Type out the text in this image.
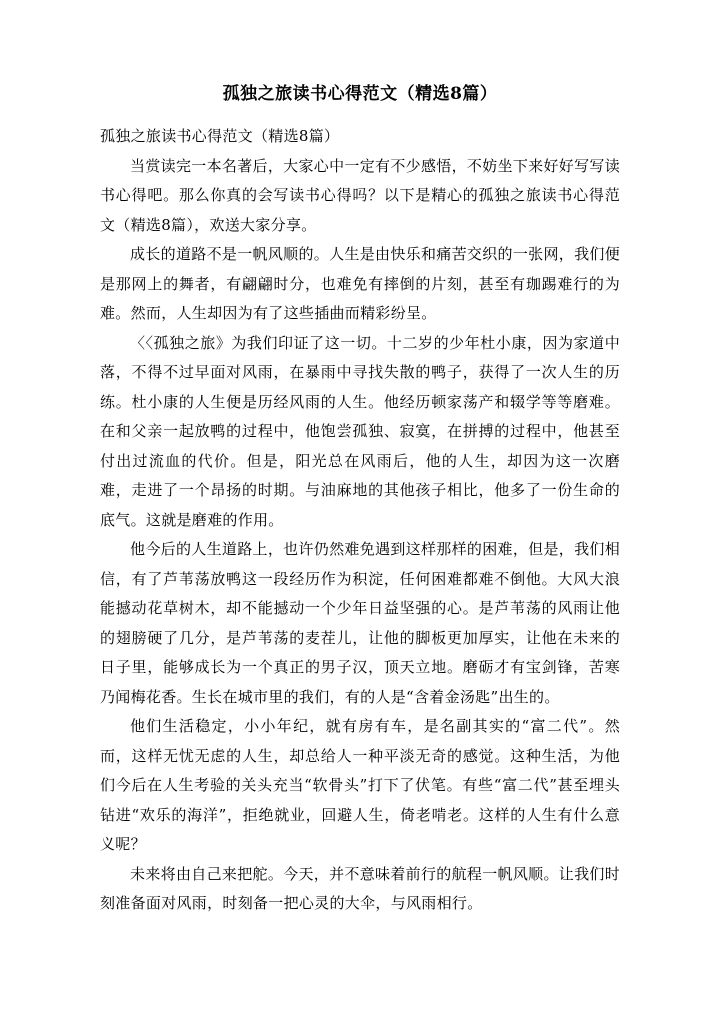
孤独之旅读书心得范文（精选8篇）

孤独之旅读书心得范文（精选8篇）

当赏读完一本名著后，大家心中一定有不少感悟，不妨坐下来好好写写读书心得吧。那么你真的会写读书心得吗？以下是精心的孤独之旅读书心得范文（精选8篇），欢送大家分享。

成长的道路不是一帆风顺的。人生是由快乐和痛苦交织的一张网，我们便是那网上的舞者，有翩翩时分，也难免有摔倒的片刻，甚至有珈踢难行的为难。然而，人生却因为有了这些插曲而精彩纷呈。

〈〈孤独之旅》为我们印证了这一切。十二岁的少年杜小康，因为家道中落，不得不过早面对风雨，在暴雨中寻找失散的鸭子，获得了一次人生的历练。杜小康的人生便是历经风雨的人生。他经历顿家荡产和辍学等等磨难。在和父亲一起放鸭的过程中，他饱尝孤独、寂寞，在拼搏的过程中，他甚至付出过流血的代价。但是，阳光总在风雨后，他的人生，却因为这一次磨难，走进了一个昂扬的时期。与油麻地的其他孩子相比，他多了一份生命的底气。这就是磨难的作用。

他今后的人生道路上，也许仍然难免遇到这样那样的困难，但是，我们相信，有了芦苇荡放鸭这一段经历作为积淀，任何困难都难不倒他。大风大浪能撼动花草树木，却不能撼动一个少年日益坚强的心。是芦苇荡的风雨让他的翅膀硬了几分，是芦苇荡的麦茬儿，让他的脚板更加厚实，让他在未来的日子里，能够成长为一个真正的男子汉，顶天立地。磨砺才有宝剑锋，苦寒乃闻梅花香。生长在城市里的我们，有的人是“含着金汤匙”出生的。

他们生活稳定，小小年纪，就有房有车，是名副其实的“富二代”。然而，这样无忧无虑的人生，却总给人一种平淡无奇的感觉。这种生活，为他们今后在人生考验的关头充当“软骨头”打下了伏笔。有些“富二代”甚至埋头钻进“欢乐的海洋”，拒绝就业，回避人生，倚老啃老。这样的人生有什么意义呢？

未来将由自己来把舵。今天，并不意味着前行的航程一帆风顺。让我们时刻准备面对风雨，时刻备一把心灵的大伞，与风雨相行。
